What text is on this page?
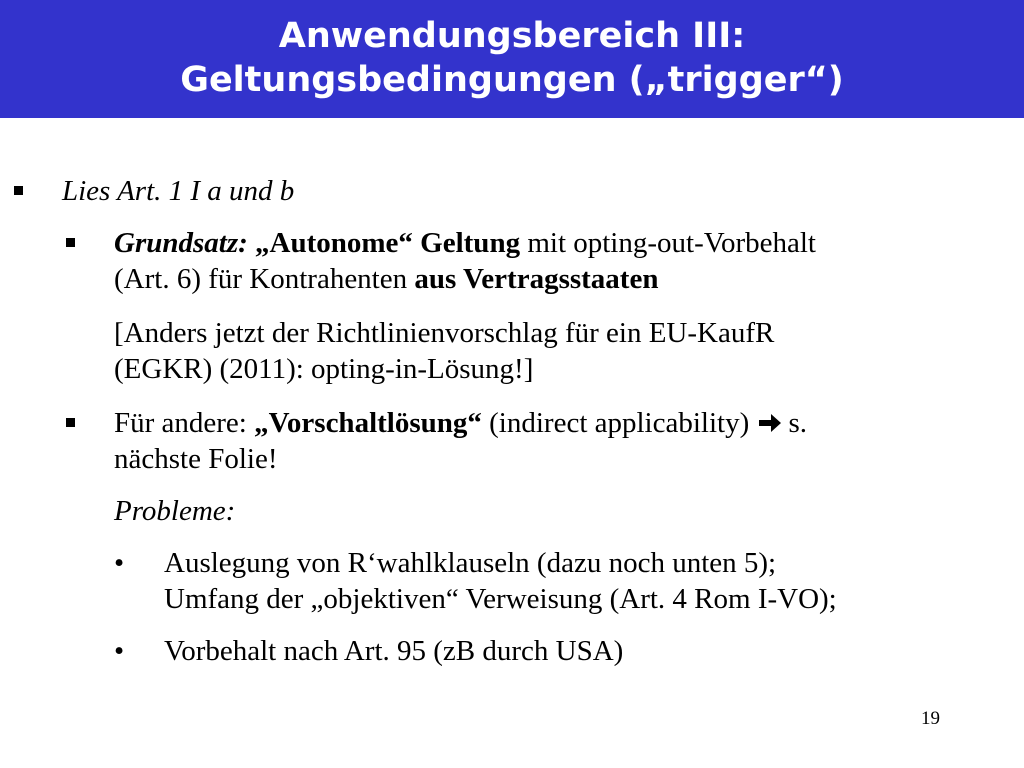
Anwendungsbereich III:
Geltungsbedingungen („trigger“)
Lies Art. 1 I a und b
Grundsatz: „Autonome“ Geltung mit opting-out-Vorbehalt
(Art. 6) für Kontrahenten aus Vertragsstaaten
[Anders jetzt der Richtlinienvorschlag für ein EU-KaufR
(EGKR) (2011): opting-in-Lösung!]
Für andere: „Vorschaltlösung“ (indirect applicability) s.
nächste Folie!
Probleme:
• Auslegung von R‘wahlklauseln (dazu noch unten 5);
Umfang der „objektiven“ Verweisung (Art. 4 Rom I-VO);
• Vorbehalt nach Art. 95 (zB durch USA)
19
